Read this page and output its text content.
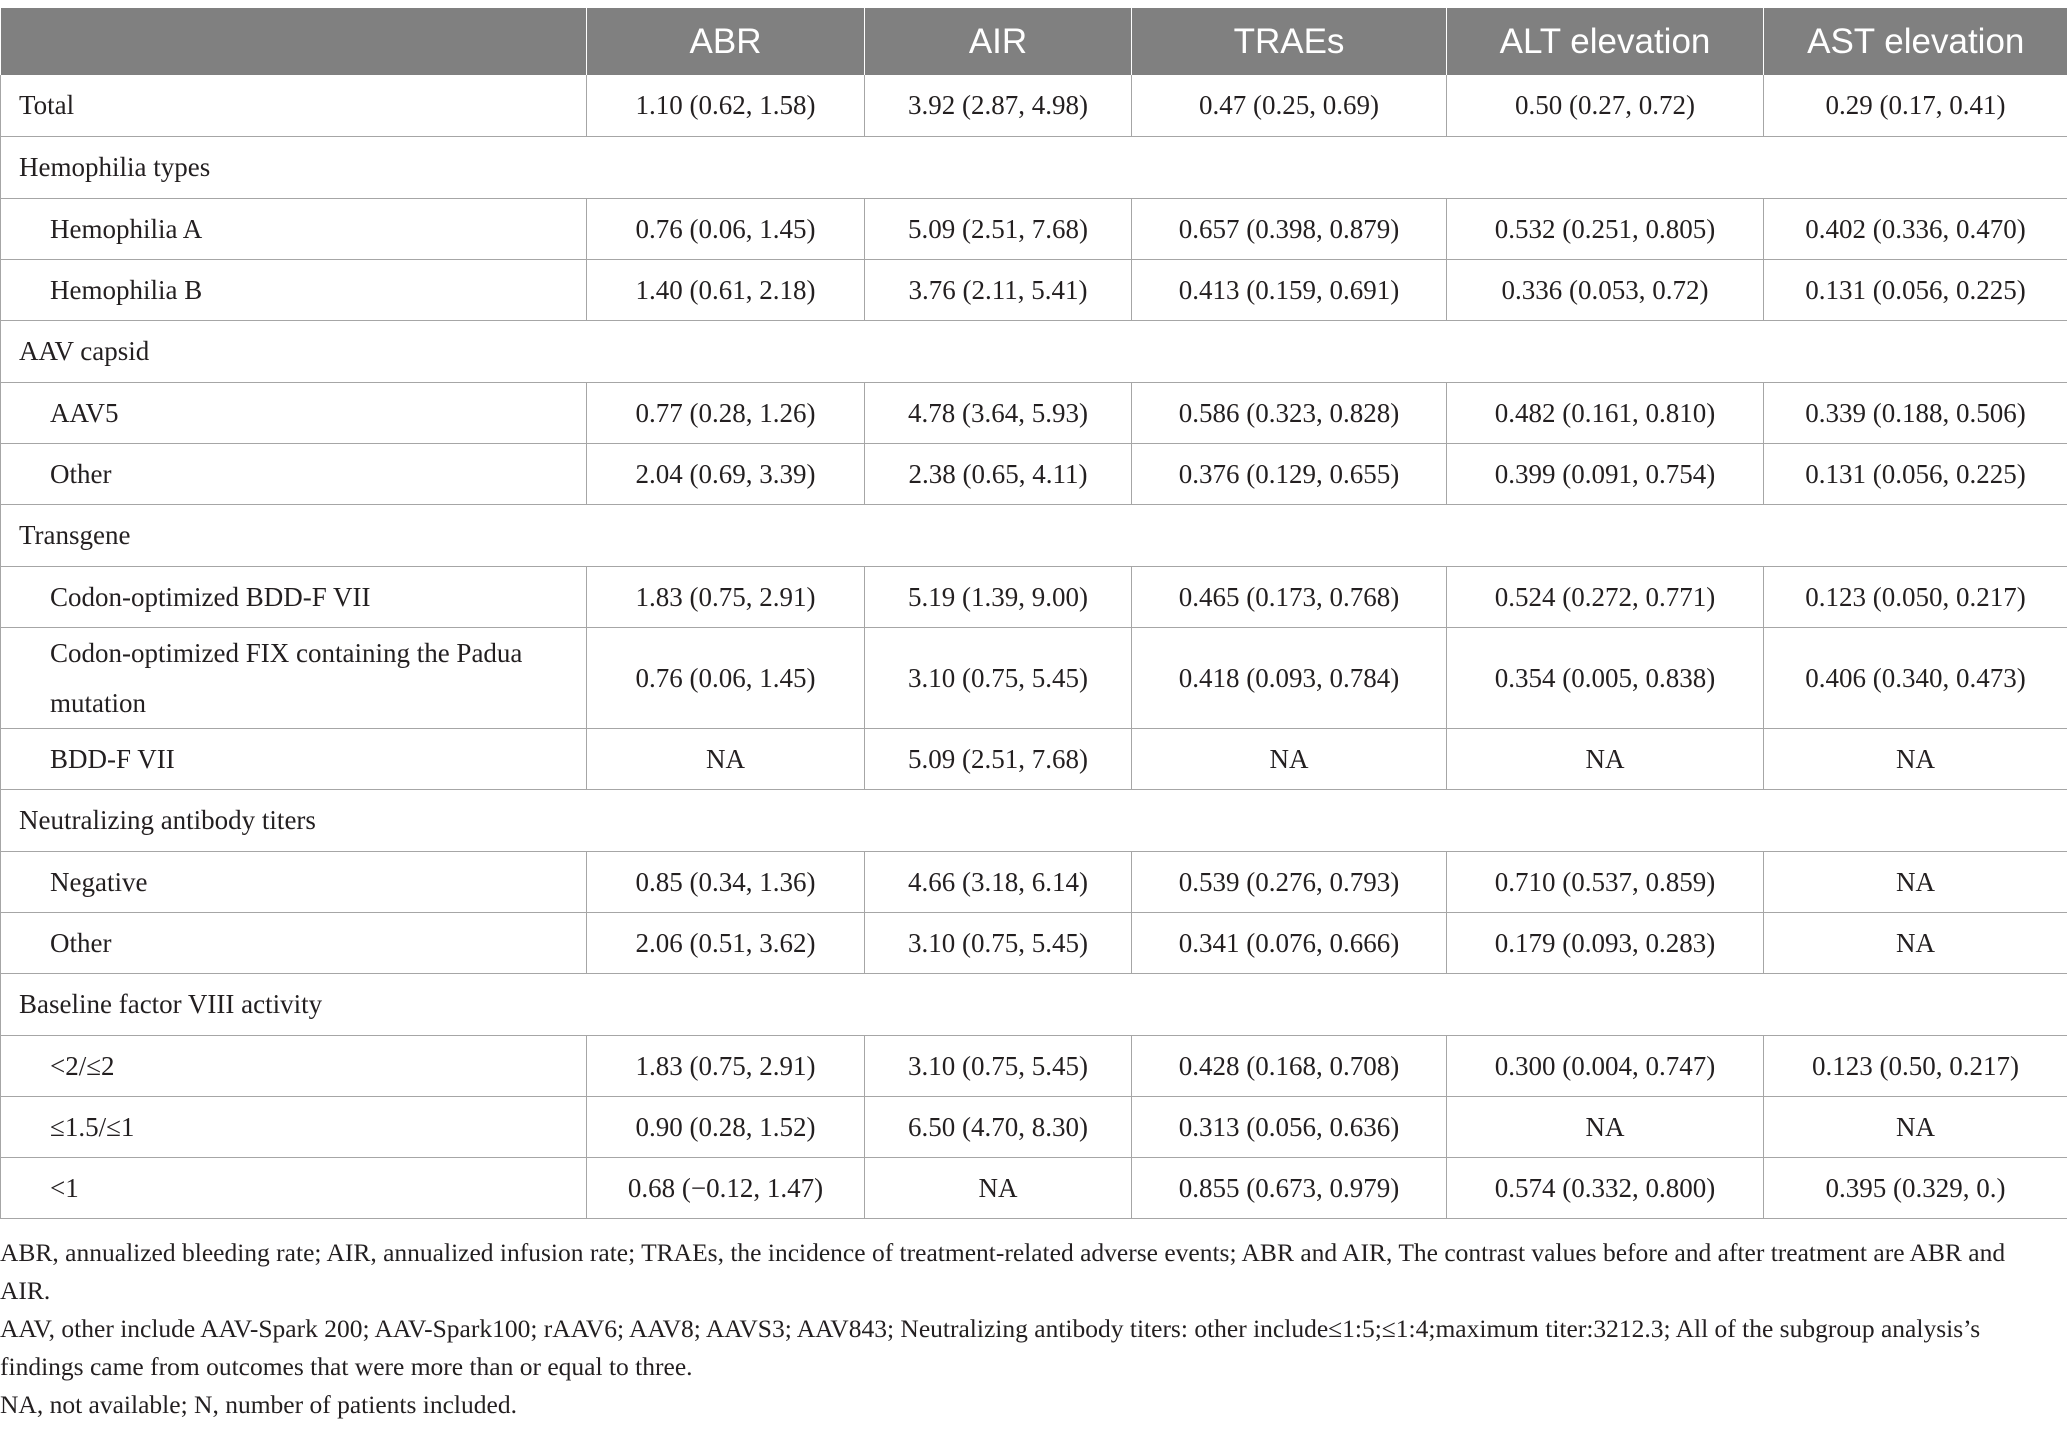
	ABR	AIR	TRAEs	ALT elevation	AST elevation
Total	1.10 (0.62, 1.58)	3.92 (2.87, 4.98)	0.47 (0.25, 0.69)	0.50 (0.27, 0.72)	0.29 (0.17, 0.41)
Hemophilia types					
Hemophilia A	0.76 (0.06, 1.45)	5.09 (2.51, 7.68)	0.657 (0.398, 0.879)	0.532 (0.251, 0.805)	0.402 (0.336, 0.470)
Hemophilia B	1.40 (0.61, 2.18)	3.76 (2.11, 5.41)	0.413 (0.159, 0.691)	0.336 (0.053, 0.72)	0.131 (0.056, 0.225)
AAV capsid					
AAV5	0.77 (0.28, 1.26)	4.78 (3.64, 5.93)	0.586 (0.323, 0.828)	0.482 (0.161, 0.810)	0.339 (0.188, 0.506)
Other	2.04 (0.69, 3.39)	2.38 (0.65, 4.11)	0.376 (0.129, 0.655)	0.399 (0.091, 0.754)	0.131 (0.056, 0.225)
Transgene					
Codon-optimized BDD-F VII	1.83 (0.75, 2.91)	5.19 (1.39, 9.00)	0.465 (0.173, 0.768)	0.524 (0.272, 0.771)	0.123 (0.050, 0.217)
Codon-optimized FIX containing the Padua mutation	0.76 (0.06, 1.45)	3.10 (0.75, 5.45)	0.418 (0.093, 0.784)	0.354 (0.005, 0.838)	0.406 (0.340, 0.473)
BDD-F VII	NA	5.09 (2.51, 7.68)	NA	NA	NA
Neutralizing antibody titers					
Negative	0.85 (0.34, 1.36)	4.66 (3.18, 6.14)	0.539 (0.276, 0.793)	0.710 (0.537, 0.859)	NA
Other	2.06 (0.51, 3.62)	3.10 (0.75, 5.45)	0.341 (0.076, 0.666)	0.179 (0.093, 0.283)	NA
Baseline factor VIII activity					
<2/≤2	1.83 (0.75, 2.91)	3.10 (0.75, 5.45)	0.428 (0.168, 0.708)	0.300 (0.004, 0.747)	0.123 (0.50, 0.217)
≤1.5/≤1	0.90 (0.28, 1.52)	6.50 (4.70, 8.30)	0.313 (0.056, 0.636)	NA	NA
<1	0.68 (−0.12, 1.47)	NA	0.855 (0.673, 0.979)	0.574 (0.332, 0.800)	0.395 (0.329, 0.)

ABR, annualized bleeding rate; AIR, annualized infusion rate; TRAEs, the incidence of treatment-related adverse events; ABR and AIR, The contrast values before and after treatment are ABR and AIR.

AAV, other include AAV-Spark 200; AAV-Spark100; rAAV6; AAV8; AAVS3; AAV843; Neutralizing antibody titers: other include≤1:5;≤1:4;maximum titer:3212.3; All of the subgroup analysis’s findings came from outcomes that were more than or equal to three.

NA, not available; N, number of patients included.
